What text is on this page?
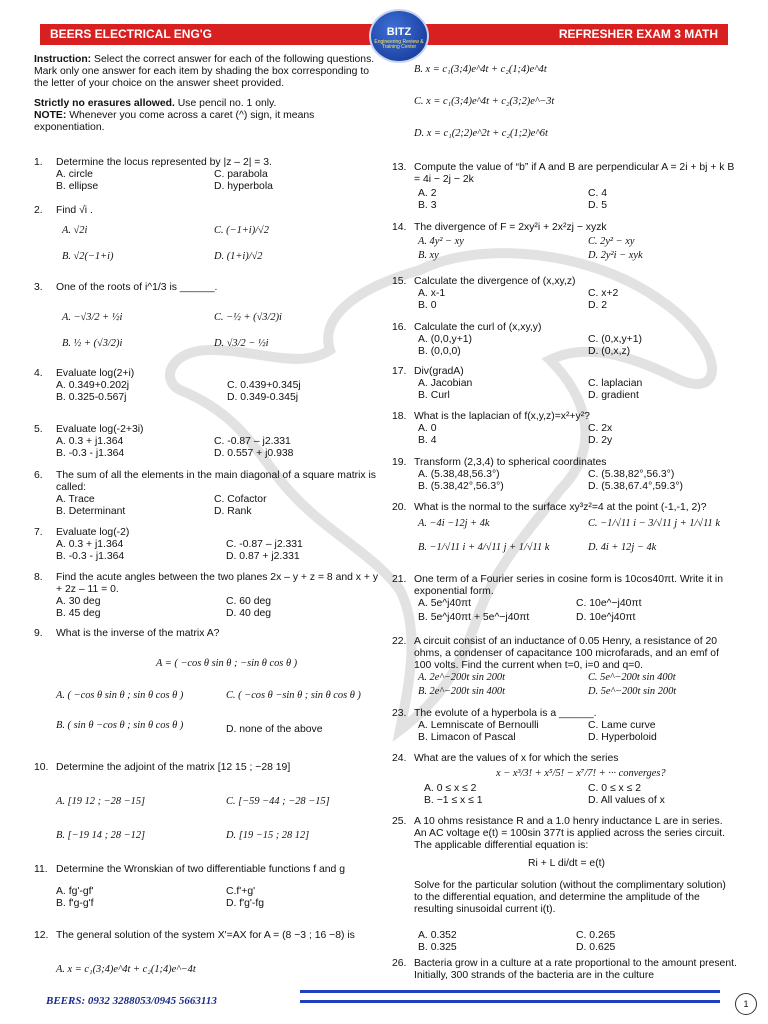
BEERS ELECTRICAL ENG'G	REFRESHER EXAM 3 MATH
BITZ
Engineering Review & Training Center
Instruction: Select the correct answer for each of the following questions. Mark only one answer for each item by shading the box corresponding to the letter of your choice on the answer sheet provided.
Strictly no erasures allowed. Use pencil no. 1 only.
NOTE: Whenever you come across a caret (^) sign, it means exponentiation.
1. Determine the locus represented by |z – 2| = 3.
A. circle
B. ellipse
C. parabola
D. hyperbola
2. Find √i .
A. √2i
B. √2(−1+i)
C. (−1+i)/√2
D. (1+i)/√2
3. One of the roots of i^1/3 is ______.
A. −√3/2 + ½i
B. ½ + (√3/2)i
C. −½ + (√3/2)i
D. √3/2 − ½i
4. Evaluate log(2+i)
A. 0.349+0.202j
B. 0.325-0.567j
C. 0.439+0.345j
D. 0.349-0.345j
5. Evaluate log(-2+3i)
A. 0.3 + j1.364
B. -0.3 - j1.364
C. -0.87 – j2.331
D. 0.557 + j0.938
6. The sum of all the elements in the main diagonal of a square matrix is called:
A. Trace
B. Determinant
C. Cofactor
D. Rank
7. Evaluate log(-2)
A. 0.3 + j1.364
B. -0.3 - j1.364
C. -0.87 – j2.331
D. 0.87 + j2.331
8. Find the acute angles between the two planes 2x – y + z = 8 and x + y + 2z – 11 = 0.
A. 30 deg
B. 45 deg
C. 60 deg
D. 40 deg
9. What is the inverse of the matrix A?
A = ( −cos θ sin θ ; −sin θ cos θ )
A. ( −cos θ sin θ ; sin θ cos θ )
B. ( sin θ −cos θ ; sin θ cos θ )
C. ( −cos θ −sin θ ; sin θ cos θ )
D. none of the above
10. Determine the adjoint of the matrix [12 15 ; −28 19]
A. [19 12 ; −28 −15]
B. [−19 14 ; 28 −12]
C. [−59 −44 ; −28 −15]
D. [19 −15 ; 28 12]
11. Determine the Wronskian of two differentiable functions f and g
A. fg'-gf'
B. f'g-g'f
C.f'+g'
D. f'g'-fg
12. The general solution of the system X'=AX for A = (8 −3 ; 16 −8) is
A. x = c₁(3;4)e^4t + c₂(1;4)e^−4t
B. x = c₁(3;4)e^4t + c₂(1;4)e^4t
C. x = c₁(3;4)e^4t + c₂(3;2)e^−3t
D. x = c₁(2;2)e^2t + c₂(1;2)e^6t
13. Compute the value of “b” if A and B are perpendicular A = 2i + bj + k B = 4i − 2j − 2k
A. 2
B. 3
C. 4
D. 5
14. The divergence of F = 2xy²i + 2x²zj − xyzk
A. 4y² − xy
B. xy
C. 2y² − xy
D. 2y²i − xyk
15. Calculate the divergence of (x,xy,z)
A. x-1
B. 0
C. x+2
D. 2
16. Calculate the curl of (x,xy,y)
A. (0,0,y+1)
B. (0,0,0)
C. (0,x,y+1)
D. (0,x,z)
17. Div(gradA)
A. Jacobian
B. Curl
C. laplacian
D. gradient
18. What is the laplacian of f(x,y,z)=x²+y²?
A. 0
B. 4
C. 2x
D. 2y
19. Transform (2,3,4) to spherical coordinates
A. (5.38,48,56.3°)
B. (5.38,42°,56.3°)
C. (5.38,82°,56.3°)
D. (5.38,67.4°,59.3°)
20. What is the normal to the surface xy³z²=4 at the point (-1,-1, 2)?
A. −4i −12j + 4k
B. −1/√11 i + 4/√11 j + 1/√11 k
C. −1/√11 i − 3/√11 j + 1/√11 k
D. 4i + 12j − 4k
21. One term of a Fourier series in cosine form is 10cos40πt. Write it in exponential form.
A. 5e^j40πt
B. 5e^j40πt + 5e^−j40πt
C. 10e^−j40πt
D. 10e^j40πt
22. A circuit consist of an inductance of 0.05 Henry, a resistance of 20 ohms, a condenser of capacitance 100 microfarads, and an emf of 100 volts. Find the current when t=0, i=0 and q=0.
A. 2e^−200t sin 200t
B. 2e^−200t sin 400t
C. 5e^−200t sin 400t
D. 5e^−200t sin 200t
23. The evolute of a hyperbola is a ______.
A. Lemniscate of Bernoulli
B. Limacon of Pascal
C. Lame curve
D. Hyperboloid
24. What are the values of x for which the series
x − x³/3! + x⁵/5! − x⁷/7! + ··· converges?
A. 0 ≤ x ≤ 2
B. −1 ≤ x ≤ 1
C. 0 ≤ x ≤ 2
D. All values of x
25. A 10 ohms resistance R and a 1.0 henry inductance L are in series. An AC voltage e(t) = 100sin 377t is applied across the series circuit. The applicable differential equation is:
Ri + L di/dt = e(t)
Solve for the particular solution (without the complimentary solution) to the differential equation, and determine the amplitude of the resulting sinusoidal current i(t).
A. 0.352
B. 0.325
C. 0.265
D. 0.625
26. Bacteria grow in a culture at a rate proportional to the amount present. Initially, 300 strands of the bacteria are in the culture
BEERS: 0932 3288053/0945 5663113	1
